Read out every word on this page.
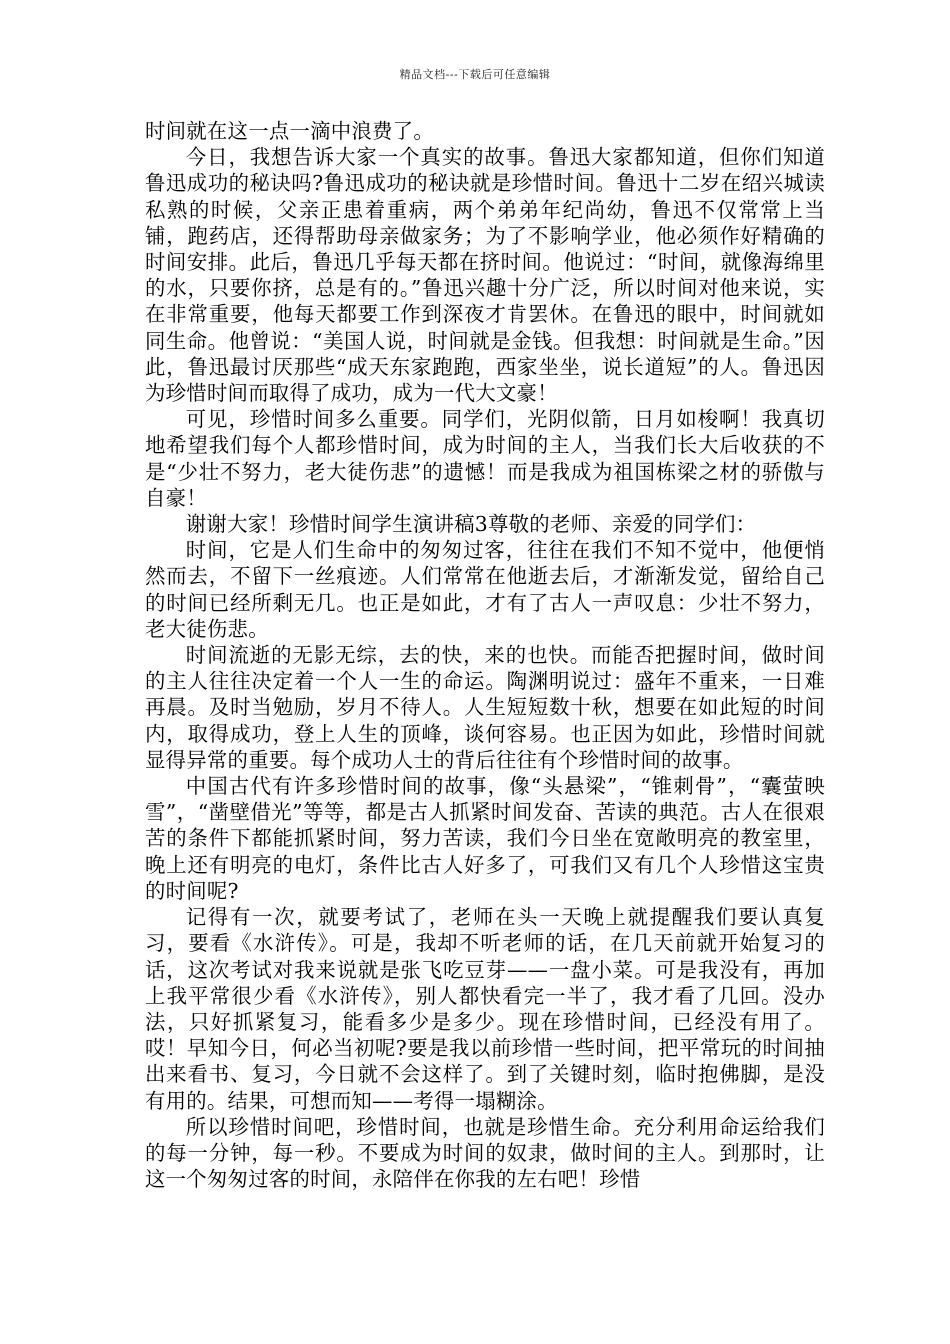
精品文档---下载后可任意编辑

时间就在这一点一滴中浪费了。

今日，我想告诉大家一个真实的故事。鲁迅大家都知道，但你们知道鲁迅成功的秘诀吗?鲁迅成功的秘诀就是珍惜时间。鲁迅十二岁在绍兴城读私熟的时候，父亲正患着重病，两个弟弟年纪尚幼，鲁迅不仅常常上当铺，跑药店，还得帮助母亲做家务；为了不影响学业，他必须作好精确的时间安排。此后，鲁迅几乎每天都在挤时间。他说过：“时间，就像海绵里的水，只要你挤，总是有的。”鲁迅兴趣十分广泛，所以时间对他来说，实在非常重要，他每天都要工作到深夜才肯罢休。在鲁迅的眼中，时间就如同生命。他曾说：“美国人说，时间就是金钱。但我想：时间就是生命。”因此，鲁迅最讨厌那些“成天东家跑跑，西家坐坐，说长道短”的人。鲁迅因为珍惜时间而取得了成功，成为一代大文豪！

可见，珍惜时间多么重要。同学们，光阴似箭，日月如梭啊！我真切地希望我们每个人都珍惜时间，成为时间的主人，当我们长大后收获的不是“少壮不努力，老大徒伤悲”的遗憾！而是我成为祖国栋梁之材的骄傲与自豪！

谢谢大家！珍惜时间学生演讲稿3尊敬的老师、亲爱的同学们：

时间，它是人们生命中的匆匆过客，往往在我们不知不觉中，他便悄然而去，不留下一丝痕迹。人们常常在他逝去后，才渐渐发觉，留给自己的时间已经所剩无几。也正是如此，才有了古人一声叹息：少壮不努力，老大徒伤悲。

时间流逝的无影无综，去的快，来的也快。而能否把握时间，做时间的主人往往决定着一个人一生的命运。陶渊明说过：盛年不重来，一日难再晨。及时当勉励，岁月不待人。人生短短数十秋，想要在如此短的时间内，取得成功，登上人生的顶峰，谈何容易。也正因为如此，珍惜时间就显得异常的重要。每个成功人士的背后往往有个珍惜时间的故事。

中国古代有许多珍惜时间的故事，像“头悬梁”，“锥刺骨”，“囊萤映雪”，“凿壁借光”等等，都是古人抓紧时间发奋、苦读的典范。古人在很艰苦的条件下都能抓紧时间，努力苦读，我们今日坐在宽敞明亮的教室里，晚上还有明亮的电灯，条件比古人好多了，可我们又有几个人珍惜这宝贵的时间呢?

记得有一次，就要考试了，老师在头一天晚上就提醒我们要认真复习，要看《水浒传》。可是，我却不听老师的话，在几天前就开始复习的话，这次考试对我来说就是张飞吃豆芽——一盘小菜。可是我没有，再加上我平常很少看《水浒传》，别人都快看完一半了，我才看了几回。没办法，只好抓紧复习，能看多少是多少。现在珍惜时间，已经没有用了。哎！早知今日，何必当初呢?要是我以前珍惜一些时间，把平常玩的时间抽出来看书、复习，今日就不会这样了。到了关键时刻，临时抱佛脚，是没有用的。结果，可想而知——考得一塌糊涂。

所以珍惜时间吧，珍惜时间，也就是珍惜生命。充分利用命运给我们的每一分钟，每一秒。不要成为时间的奴隶，做时间的主人。到那时，让这一个匆匆过客的时间，永陪伴在你我的左右吧！珍惜
